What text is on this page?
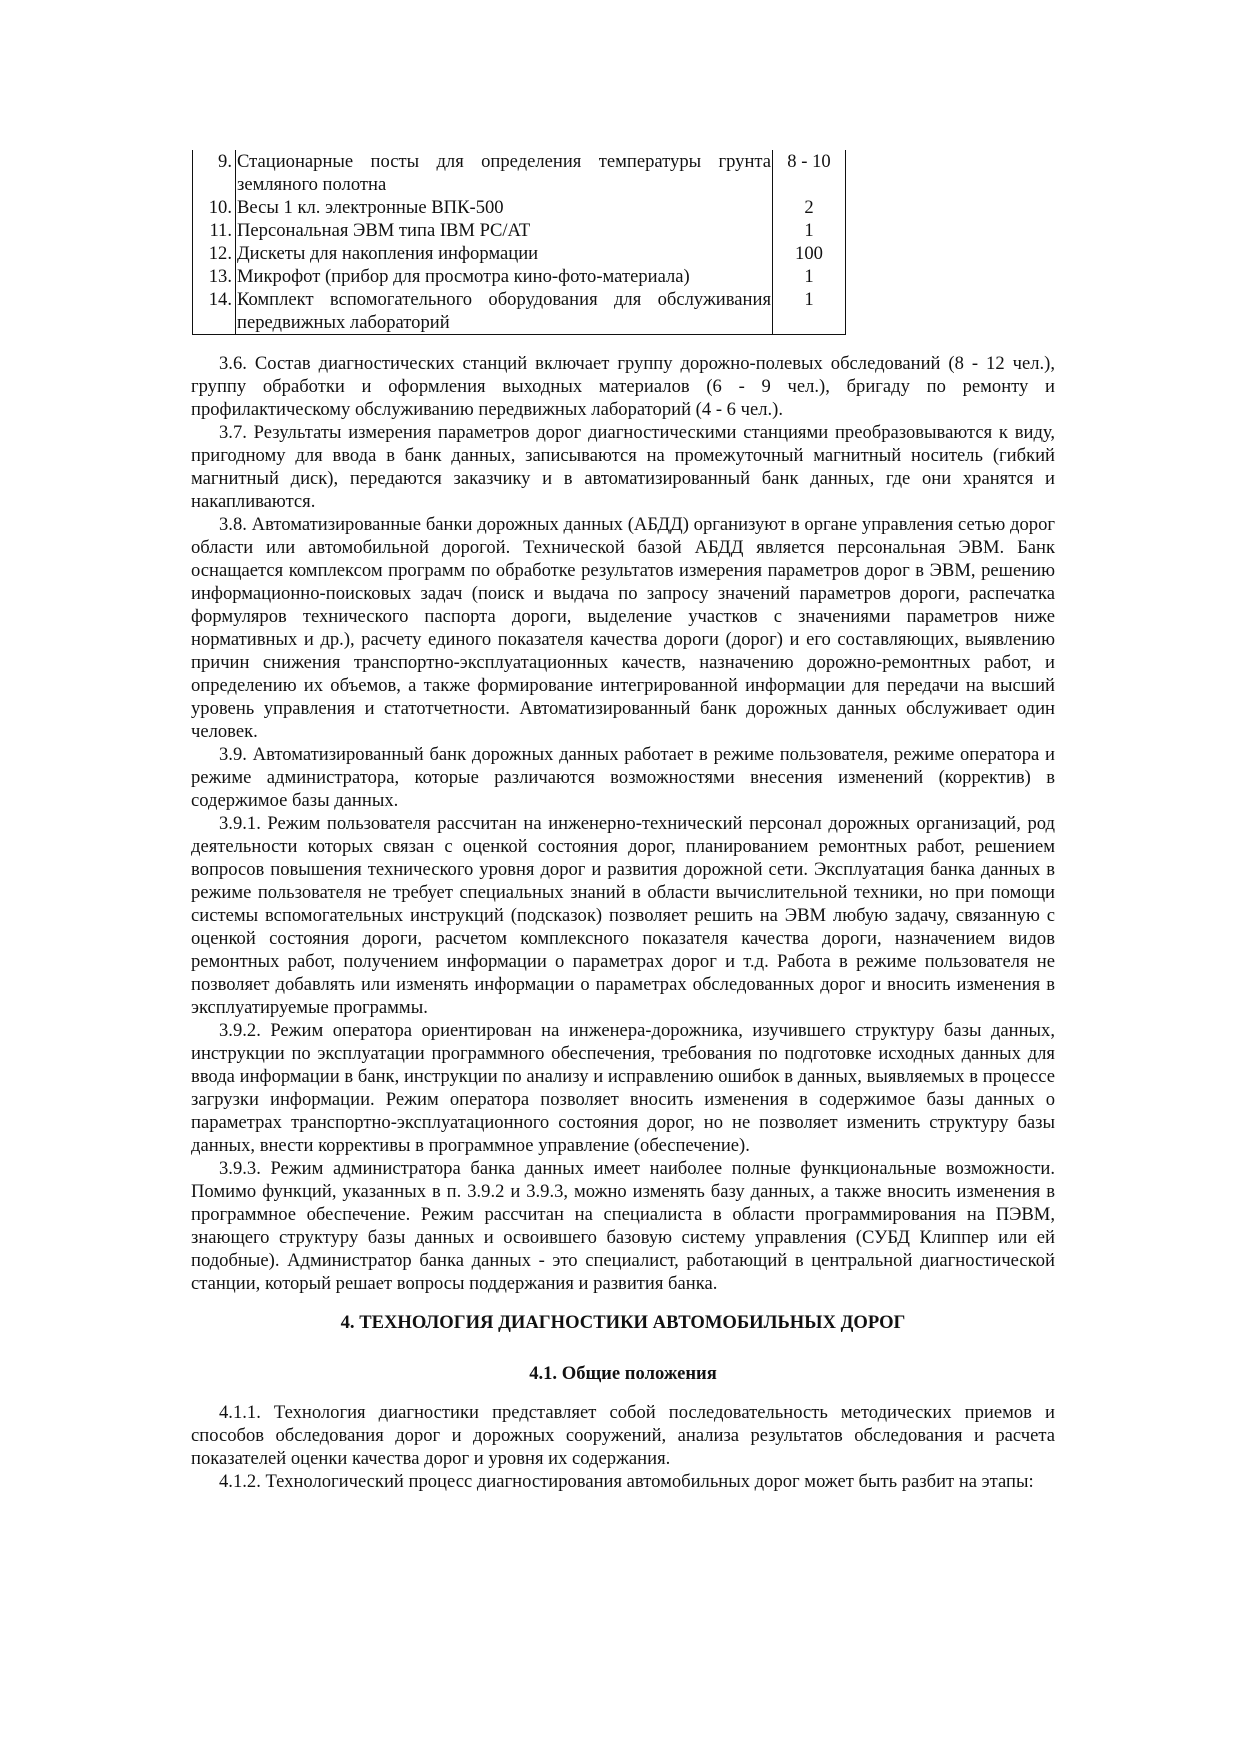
9.	Стационарные посты для определения температуры грунта земляного полотна	8 - 10
10.	Весы 1 кл. электронные ВПК-500	2
11.	Персональная ЭВМ типа IBM PC/AT	1
12.	Дискеты для накопления информации	100
13.	Микрофот (прибор для просмотра кино-фото-материала)	1
14.	Комплект вспомогательного оборудования для обслуживания передвижных лабораторий	1

3.6. Состав диагностических станций включает группу дорожно-полевых обследований (8 - 12 чел.), группу обработки и оформления выходных материалов (6 - 9 чел.), бригаду по ремонту и профилактическому обслуживанию передвижных лабораторий (4 - 6 чел.).

3.7. Результаты измерения параметров дорог диагностическими станциями преобразовываются к виду, пригодному для ввода в банк данных, записываются на промежуточный магнитный носитель (гибкий магнитный диск), передаются заказчику и в автоматизированный банк данных, где они хранятся и накапливаются.

3.8. Автоматизированные банки дорожных данных (АБДД) организуют в органе управления сетью дорог области или автомобильной дорогой. Технической базой АБДД является персональная ЭВМ. Банк оснащается комплексом программ по обработке результатов измерения параметров дорог в ЭВМ, решению информационно-поисковых задач (поиск и выдача по запросу значений параметров дороги, распечатка формуляров технического паспорта дороги, выделение участков с значениями параметров ниже нормативных и др.), расчету единого показателя качества дороги (дорог) и его составляющих, выявлению причин снижения транспортно-эксплуатационных качеств, назначению дорожно-ремонтных работ, и определению их объемов, а также формирование интегрированной информации для передачи на высший уровень управления и статотчетности. Автоматизированный банк дорожных данных обслуживает один человек.

3.9. Автоматизированный банк дорожных данных работает в режиме пользователя, режиме оператора и режиме администратора, которые различаются возможностями внесения изменений (корректив) в содержимое базы данных.

3.9.1. Режим пользователя рассчитан на инженерно-технический персонал дорожных организаций, род деятельности которых связан с оценкой состояния дорог, планированием ремонтных работ, решением вопросов повышения технического уровня дорог и развития дорожной сети. Эксплуатация банка данных в режиме пользователя не требует специальных знаний в области вычислительной техники, но при помощи системы вспомогательных инструкций (подсказок) позволяет решить на ЭВМ любую задачу, связанную с оценкой состояния дороги, расчетом комплексного показателя качества дороги, назначением видов ремонтных работ, получением информации о параметрах дорог и т.д. Работа в режиме пользователя не позволяет добавлять или изменять информации о параметрах обследованных дорог и вносить изменения в эксплуатируемые программы.

3.9.2. Режим оператора ориентирован на инженера-дорожника, изучившего структуру базы данных, инструкции по эксплуатации программного обеспечения, требования по подготовке исходных данных для ввода информации в банк, инструкции по анализу и исправлению ошибок в данных, выявляемых в процессе загрузки информации. Режим оператора позволяет вносить изменения в содержимое базы данных о параметрах транспортно-эксплуатационного состояния дорог, но не позволяет изменить структуру базы данных, внести коррективы в программное управление (обеспечение).

3.9.3. Режим администратора банка данных имеет наиболее полные функциональные возможности. Помимо функций, указанных в п. 3.9.2 и 3.9.3, можно изменять базу данных, а также вносить изменения в программное обеспечение. Режим рассчитан на специалиста в области программирования на ПЭВМ, знающего структуру базы данных и освоившего базовую систему управления (СУБД Клиппер или ей подобные). Администратор банка данных - это специалист, работающий в центральной диагностической станции, который решает вопросы поддержания и развития банка.

4. ТЕХНОЛОГИЯ ДИАГНОСТИКИ АВТОМОБИЛЬНЫХ ДОРОГ
4.1. Общие положения

4.1.1. Технология диагностики представляет собой последовательность методических приемов и способов обследования дорог и дорожных сооружений, анализа результатов обследования и расчета показателей оценки качества дорог и уровня их содержания.

4.1.2. Технологический процесс диагностирования автомобильных дорог может быть разбит на этапы:
